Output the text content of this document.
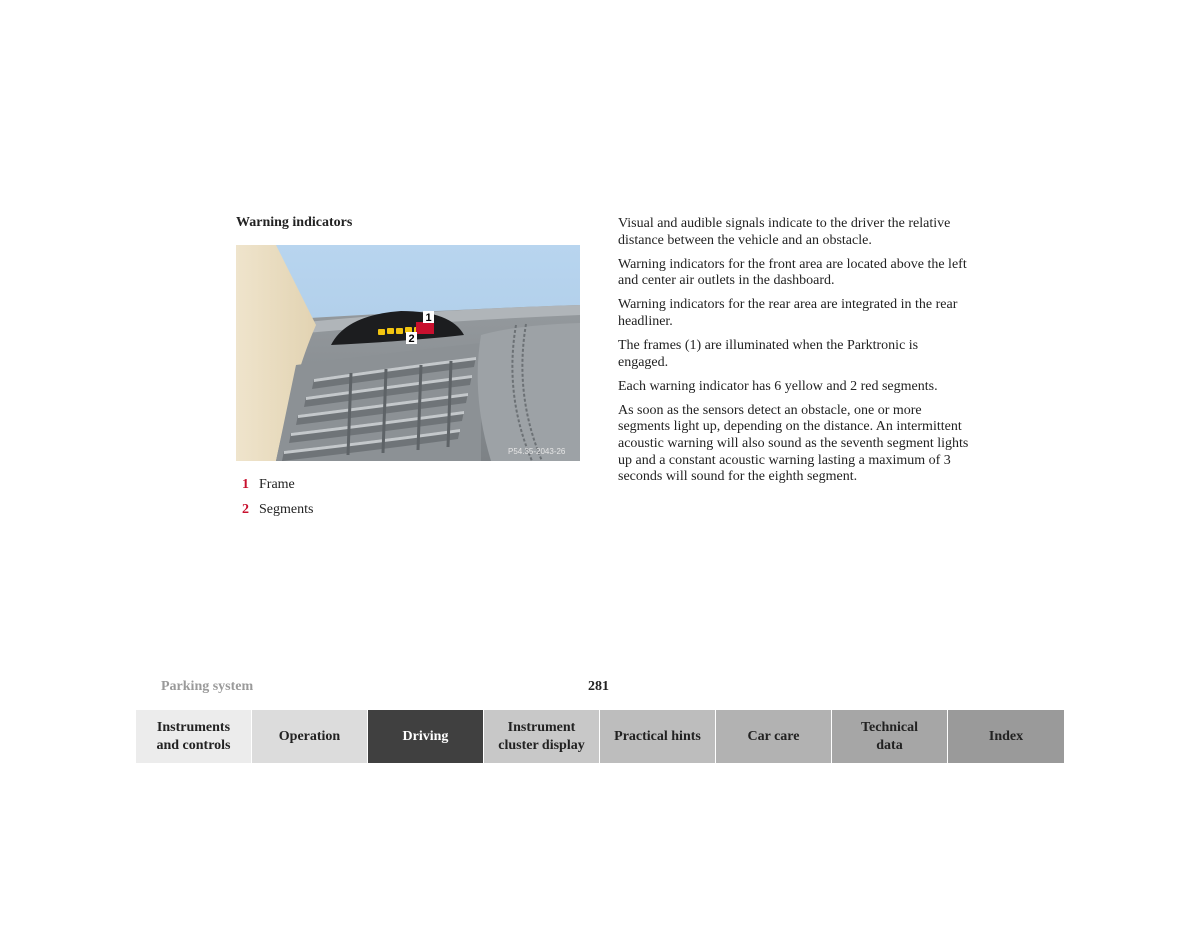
Warning indicators
1
2
P54.35-2043-26
1 Frame
2 Segments

Visual and audible signals indicate to the driver the relative distance between the vehicle and an obstacle.

Warning indicators for the front area are located above the left and center air outlets in the dashboard.

Warning indicators for the rear area are integrated in the rear headliner.

The frames (1) are illuminated when the Parktronic is engaged.

Each warning indicator has 6 yellow and 2 red segments.

As soon as the sensors detect an obstacle, one or more segments light up, depending on the distance. An intermittent acoustic warning will also sound as the seventh segment lights up and a constant acoustic warning lasting a maximum of 3 seconds will sound for the eighth segment.

Parking system	281
Instruments
and controls
Operation	Driving
Instrument
cluster display
Practical hints	Car care
Technical
data
Index
